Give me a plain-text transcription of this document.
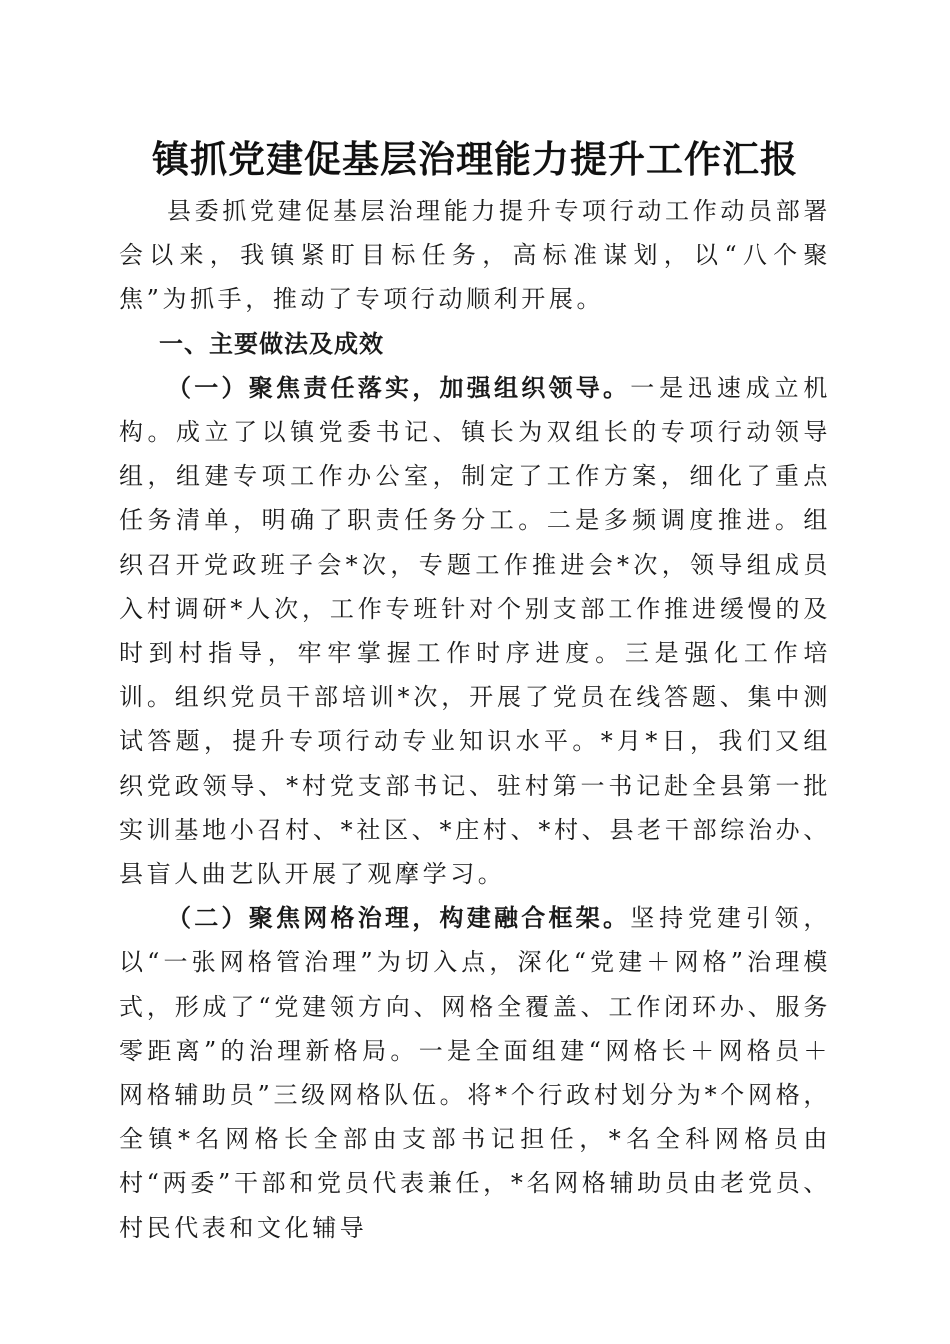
镇抓党建促基层治理能力提升工作汇报

县委抓党建促基层治理能力提升专项行动工作动员部署会以来，我镇紧盯目标任务，高标准谋划，以“八个聚焦”为抓手，推动了专项行动顺利开展。

一、主要做法及成效

（一）聚焦责任落实，加强组织领导。一是迅速成立机构。成立了以镇党委书记、镇长为双组长的专项行动领导组，组建专项工作办公室，制定了工作方案，细化了重点任务清单，明确了职责任务分工。二是多频调度推进。组织召开党政班子会*次，专题工作推进会*次，领导组成员入村调研*人次，工作专班针对个别支部工作推进缓慢的及时到村指导，牢牢掌握工作时序进度。三是强化工作培训。组织党员干部培训*次，开展了党员在线答题、集中测试答题，提升专项行动专业知识水平。*月*日，我们又组织党政领导、*村党支部书记、驻村第一书记赴全县第一批实训基地小召村、*社区、*庄村、*村、县老干部综治办、县盲人曲艺队开展了观摩学习。

（二）聚焦网格治理，构建融合框架。坚持党建引领，以“一张网格管治理”为切入点，深化“党建＋网格”治理模式，形成了“党建领方向、网格全覆盖、工作闭环办、服务零距离”的治理新格局。一是全面组建“网格长＋网格员＋网格辅助员”三级网格队伍。将*个行政村划分为*个网格，全镇*名网格长全部由支部书记担任，*名全科网格员由村“两委”干部和党员代表兼任，*名网格辅助员由老党员、村民代表和文化辅导
